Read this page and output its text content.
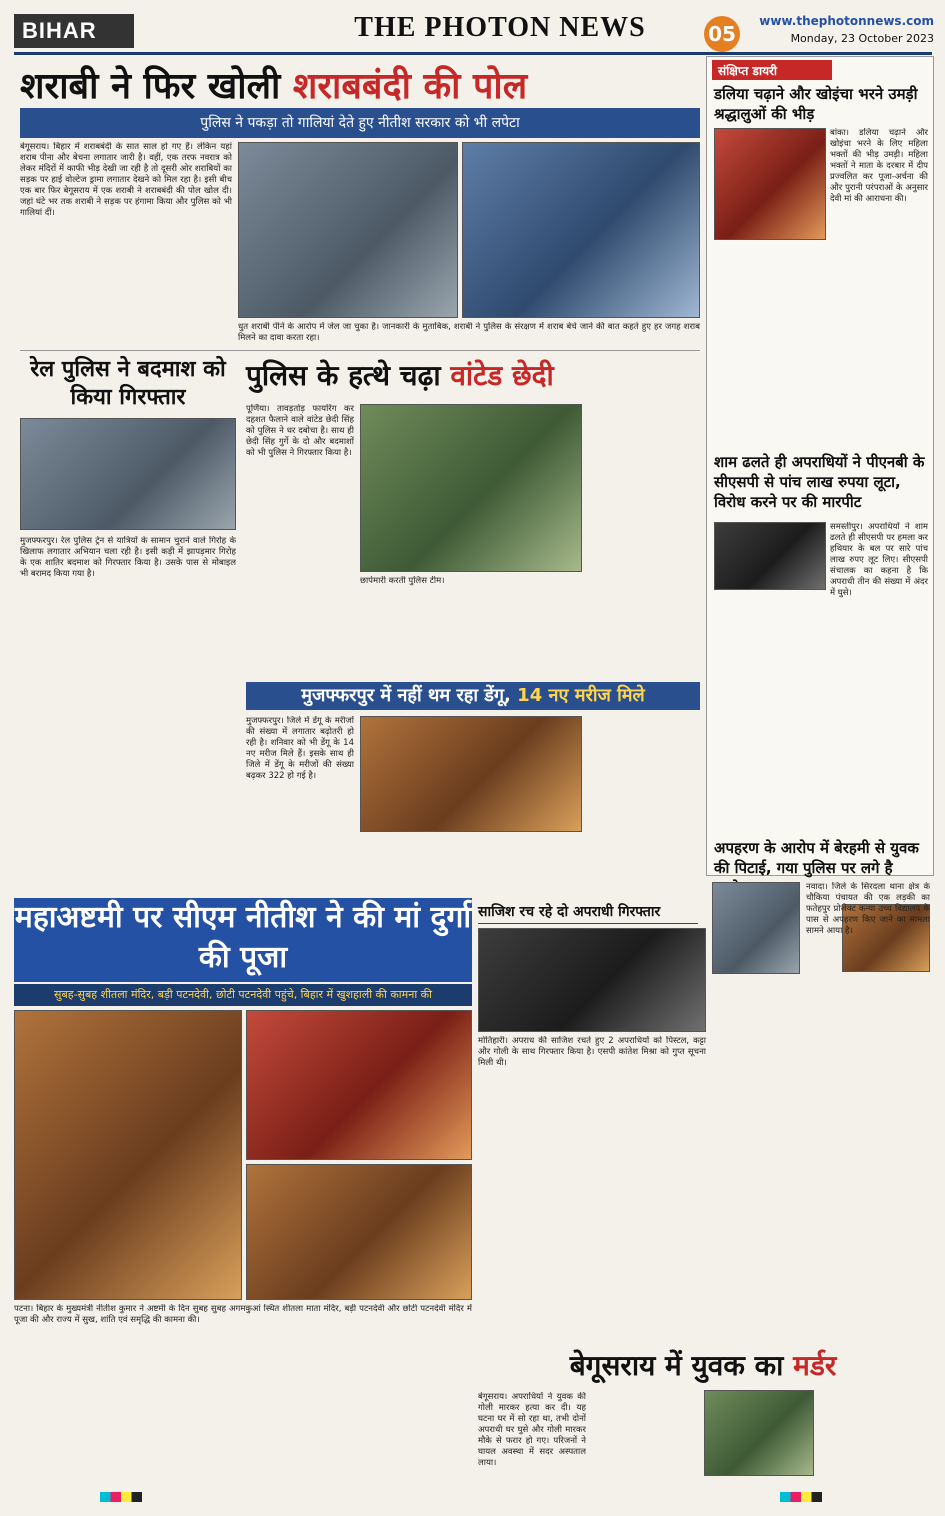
BIHAR	THE PHOTON NEWS	05
www.thephotonnews.com
Monday, 23 October 2023
शराबी ने फिर खोली शराबबंदी की पोल
पुलिस ने पकड़ा तो गालियां देते हुए नीतीश सरकार को भी लपेटा
बेगूसराय। बिहार में शराबबंदी के सात साल हो गए हैं। लेकिन यहां शराब पीना और बेचना लगातार जारी है। वहीं, एक तरफ नवरात्र को लेकर मंदिरों में काफी भीड़ देखी जा रही है तो दूसरी ओर शराबियों का सड़क पर हाई वोल्टेज ड्रामा लगातार देखने को मिल रहा है। इसी बीच एक बार फिर बेगूसराय में एक शराबी ने शराबबंदी की पोल खोल दी। जहां घंटे भर तक शराबी ने सड़क पर हंगामा किया और पुलिस को भी गालियां दीं।
धुत शराबी पीने के आरोप में जेल जा चुका है। जानकारी के मुताबिक, शराबी ने पुलिस के संरक्षण में शराब बेचे जाने की बात कहते हुए हर जगह शराब मिलने का दावा करता रहा।
रेल पुलिस ने बदमाश को किया गिरफ्तार
मुजफ्फरपुर। रेल पुलिस ट्रेन से यात्रियों के सामान चुराने वाले गिरोह के खिलाफ लगातार अभियान चला रही है। इसी कड़ी में झापड़मार गिरोह के एक शातिर बदमाश को गिरफ्तार किया है। उसके पास से मोबाइल भी बरामद किया गया है।
पुलिस के हत्थे चढ़ा वांटेड छेदी
पूर्णिया। तावड़तोड़ फायरिंग कर दहशत फैलाने वाले वांटेड छेदी सिंह को पुलिस ने धर दबोचा है। साथ ही छेदी सिंह गुर्गे के दो और बदमाशों को भी पुलिस ने गिरफ्तार किया है।
छापेमारी करती पुलिस टीम।
मुजफ्फरपुर में नहीं थम रहा डेंगू, 14 नए मरीज मिले
मुजफ्फरपुर। जिले में डेंगू के मरीजों की संख्या में लगातार बढ़ोतरी हो रही है। शनिवार को भी डेंगू के 14 नए मरीज मिले हैं। इसके साथ ही जिले में डेंगू के मरीजों की संख्या बढ़कर 322 हो गई है।
संक्षिप्त डायरी
डलिया चढ़ाने और खोइंचा भरने उमड़ी श्रद्धालुओं की भीड़
बांका। डलिया चढ़ाने और खोइंचा भरने के लिए महिला भक्तों की भीड़ उमड़ी। महिला भक्तों ने माता के दरबार में दीप प्रज्वलित कर पूजा-अर्चना की और पुरानी परंपराओं के अनुसार देवी मां की आराधना की।
शाम ढलते ही अपराधियों ने पीएनबी के सीएसपी से पांच लाख रुपया लूटा, विरोध करने पर की मारपीट
समस्तीपुर। अपराधियों ने शाम ढलते ही सीएसपी पर हमला कर हथियार के बल पर सारे पांच लाख रुपए लूट लिए। सीएसपी संचालक का कहना है कि अपराधी तीन की संख्या में अंदर में घुसे।
अपहरण के आरोप में बेरहमी से युवक की पिटाई, गया पुलिस पर लगे है
नवादा। जिले के सिरदला थाना क्षेत्र के चौकिया पंचायत की एक लड़की का फतेहपुर प्रोजेक्ट कन्या उच्च विद्यालय के पास से अपहरण किए जाने का मामला सामने आया है।
महाअष्टमी पर सीएम नीतीश ने की मां दुर्गा की पूजा
सुबह-सुबह शीतला मंदिर, बड़ी पटनदेवी, छोटी पटनदेवी पहुंचे, बिहार में खुशहाली की कामना की
पटना। बिहार के मुख्यमंत्री नीतीश कुमार ने अष्टमी के दिन सुबह सुबह अगमकुआं स्थित शीतला माता मंदिर, बड़ी पटनदेवी और छोटी पटनदेवी मंदिर में पूजा की और राज्य में सुख, शांति एवं समृद्धि की कामना की।
साजिश रच रहे दो अपराधी गिरफ्तार
मोतिहारी। अपराध की साजिश रचते हुए 2 अपराधियों को पिस्टल, कट्टा और गोली के साथ गिरफ्तार किया है। एसपी कांतेश मिश्रा को गुप्त सूचना मिली थी।
बेगूसराय में युवक का मर्डर
बेगूसराय। अपराधियों ने युवक की गोली मारकर हत्या कर दी। यह घटना घर में सो रहा था, तभी दोनों अपराधी घर घुसे और गोली मारकर मौके से फरार हो गए। परिजनों ने घायल अवस्था में सदर अस्पताल लाया।
